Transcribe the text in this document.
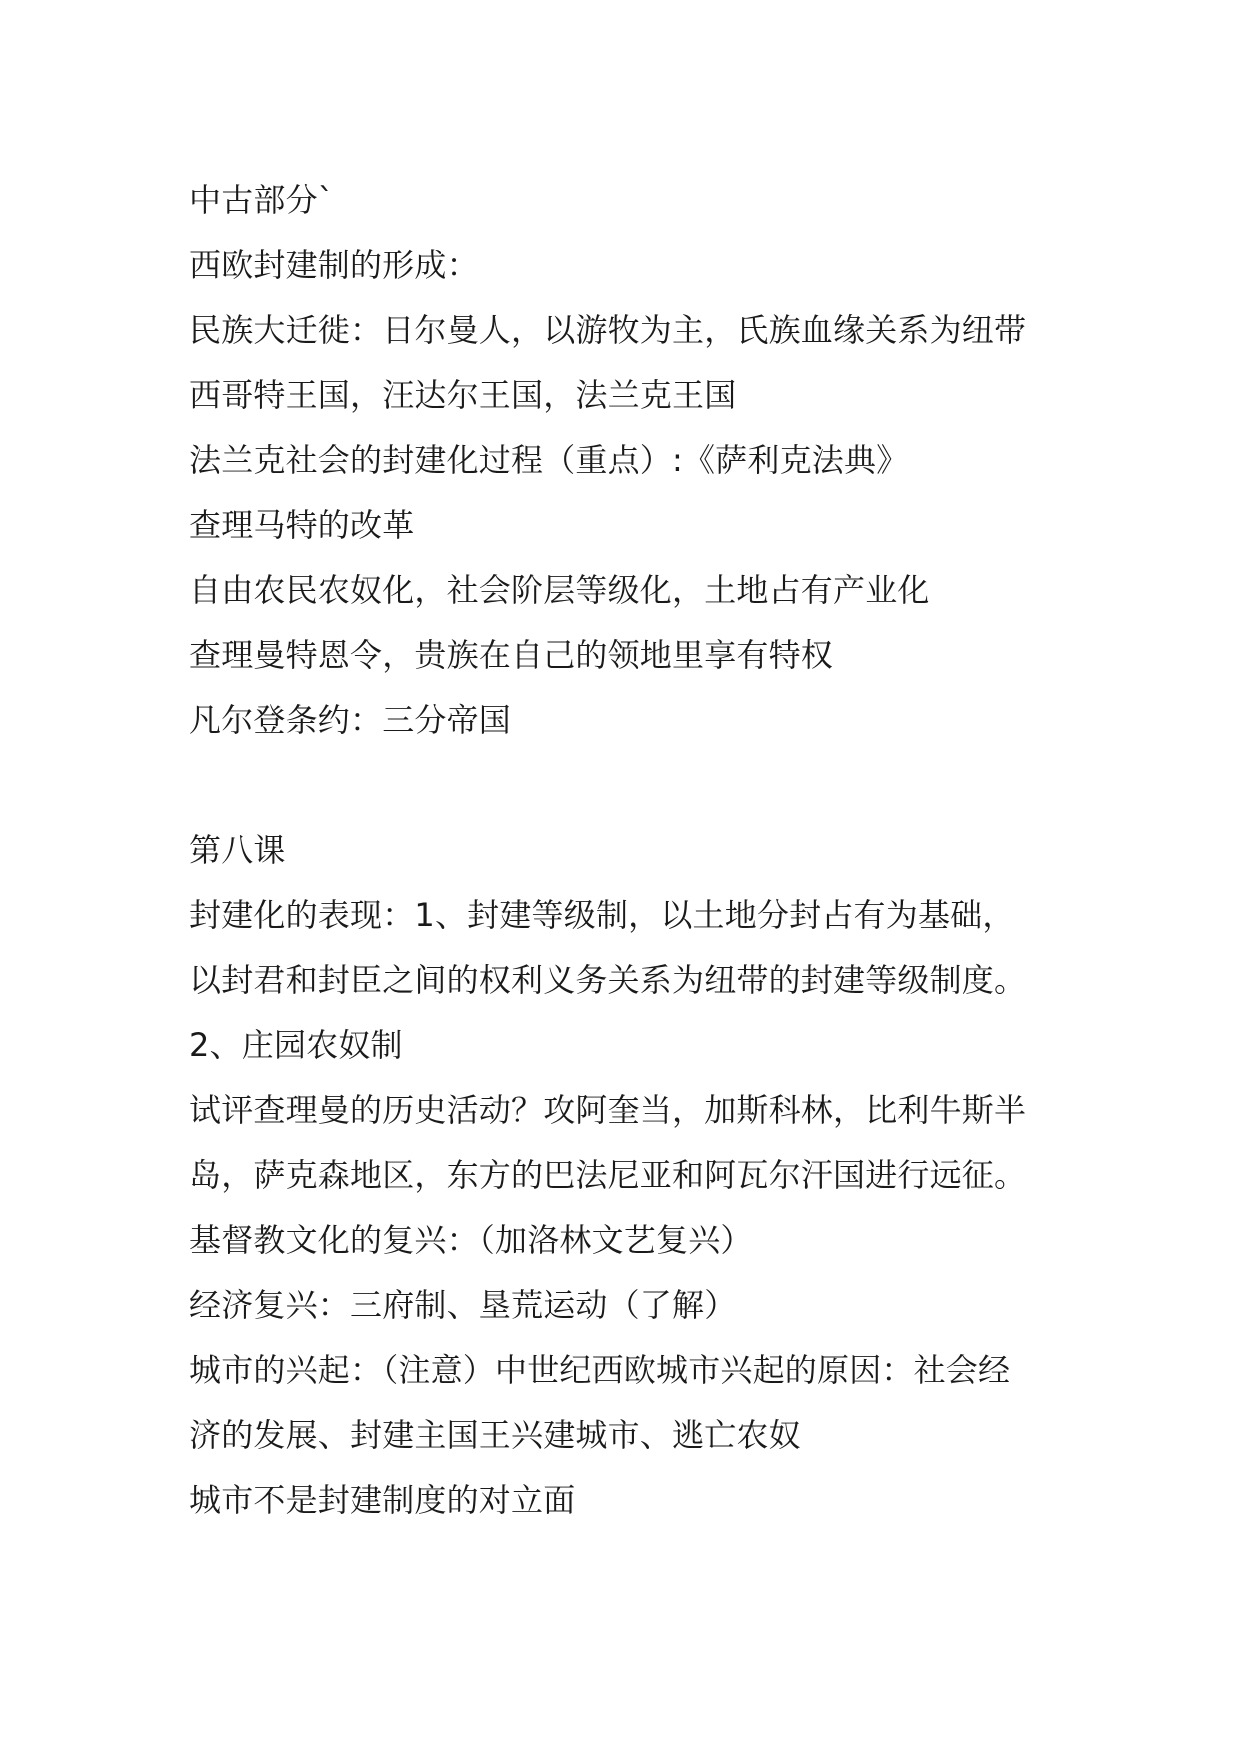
中古部分`
西欧封建制的形成：
民族大迁徙：日尔曼人，以游牧为主，氏族血缘关系为纽带
西哥特王国，汪达尔王国，法兰克王国
法兰克社会的封建化过程（重点）:《萨利克法典》
查理马特的改革
自由农民农奴化，社会阶层等级化，土地占有产业化
查理曼特恩令，贵族在自己的领地里享有特权
凡尔登条约：三分帝国
第八课
封建化的表现：1、封建等级制，以土地分封占有为基础，
以封君和封臣之间的权利义务关系为纽带的封建等级制度。
2、庄园农奴制
试评查理曼的历史活动？攻阿奎当，加斯科林，比利牛斯半
岛，萨克森地区，东方的巴法尼亚和阿瓦尔汗国进行远征。
基督教文化的复兴：（加洛林文艺复兴）
经济复兴：三府制、垦荒运动（了解）
城市的兴起：（注意）中世纪西欧城市兴起的原因：社会经
济的发展、封建主国王兴建城市、逃亡农奴
城市不是封建制度的对立面
